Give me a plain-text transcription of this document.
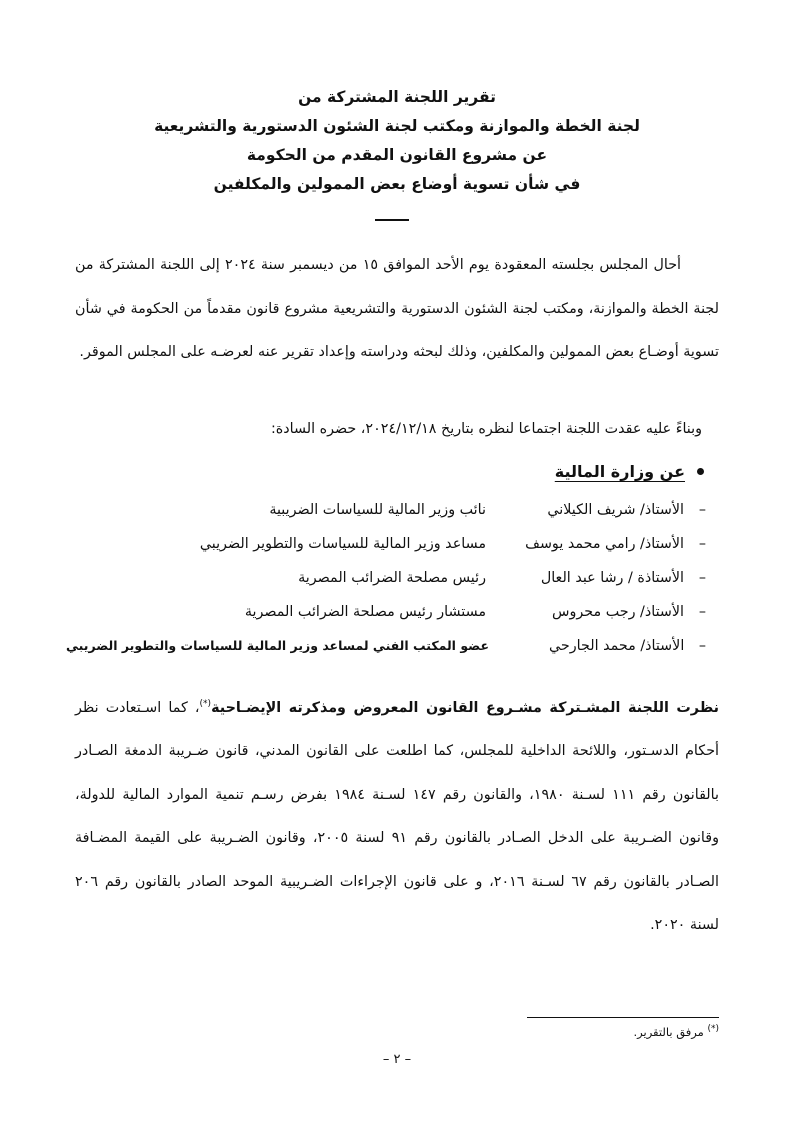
تقرير اللجنة المشتركة من
لجنة الخطة والموازنة ومكتب لجنة الشئون الدستورية والتشريعية
عن مشروع القانون المقدم من الحكومة
في شأن تسوية أوضاع بعض الممولين والمكلفين
أحال المجلس بجلسته المعقودة يوم الأحد الموافق ١٥ من ديسمبر سنة ٢٠٢٤ إلى اللجنة المشتركة من لجنة الخطة والموازنة، ومكتب لجنة الشئون الدستورية والتشريعية مشروع قانون مقدماً من الحكومة في شأن تسوية أوضـاع بعض الممولين والمكلفين، وذلك لبحثه ودراسته وإعداد تقرير عنه لعرضـه على المجلس الموقر.
وبناءً عليه عقدت اللجنة اجتماعا لنظره بتاريخ ٢٠٢٤/١٢/١٨، حضره السادة:
عن وزارة المالية
–
الأستاذ/ شريف الكيلاني
نائب وزير المالية للسياسات الضريبية
–
الأستاذ/ رامي محمد يوسف
مساعد وزير المالية للسياسات والتطوير الضريبي
–
الأستاذة / رشا عبد العال
رئيس مصلحة الضرائب المصرية
–
الأستاذ/ رجب محروس
مستشار رئيس مصلحة الضرائب المصرية
–
الأستاذ/ محمد الجارحي
عضو المكتب الفني لمساعد وزير المالية للسياسات والتطوير الضريبي
نظرت اللجنة المشـتركة مشـروع القانون المعروض ومذكرته الإيضـاحية(*)، كما اسـتعادت نظر أحكام الدسـتور، واللائحة الداخلية للمجلس، كما اطلعت على القانون المدني، قانون ضـريبة الدمغة الصـادر بالقانون رقم ١١١ لسـنة ١٩٨٠، والقانون رقم ١٤٧ لسـنة ١٩٨٤ بفرض رسـم تنمية الموارد المالية للدولة، وقانون الضـريبة على الدخل الصـادر بالقانون رقم ٩١ لسنة ٢٠٠٥، وقانون الضـريبة على القيمة المضـافة الصـادر بالقانون رقم ٦٧ لسـنة ٢٠١٦، و على قانون الإجراءات الضـريبية الموحد الصادر بالقانون رقم ٢٠٦ لسنة ٢٠٢٠.
(*) مرفق بالتقرير.
– ٢ –
